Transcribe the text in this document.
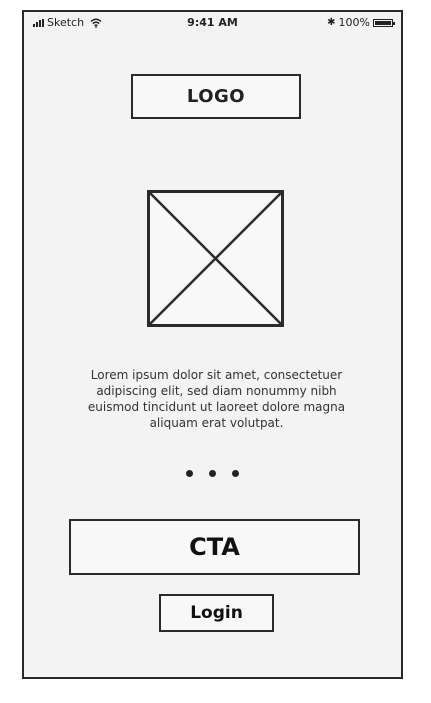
Sketch	9:41 AM	✱ 100%
LOGO
Lorem ipsum dolor sit amet, consectetuer adipiscing elit, sed diam nonummy nibh euismod tincidunt ut laoreet dolore magna aliquam erat volutpat.
CTA
Login
